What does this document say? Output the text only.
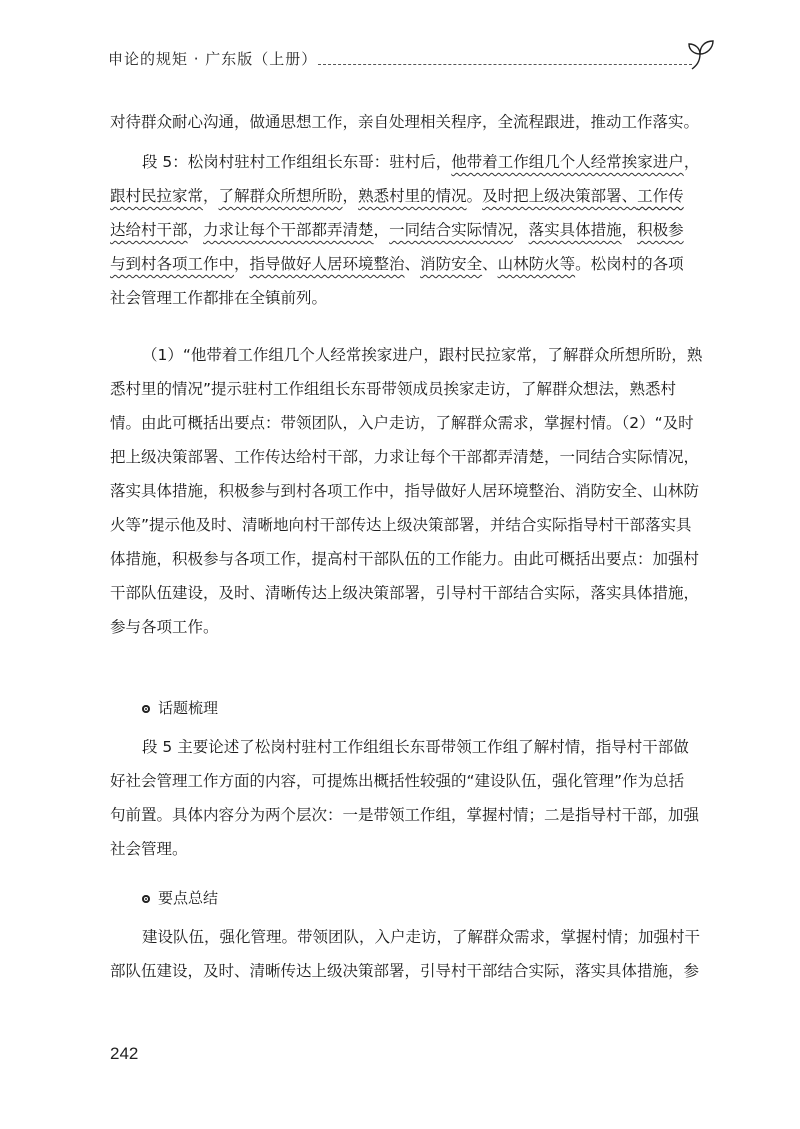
申论的规矩 · 广东版（上册）
对待群众耐心沟通，做通思想工作，亲自处理相关程序，全流程跟进，推动工作落实。
段 5：松岗村驻村工作组组长东哥：驻村后，他带着工作组几个人经常挨家进户，
跟村民拉家常，了解群众所想所盼，熟悉村里的情况。及时把上级决策部署、工作传
达给村干部，力求让每个干部都弄清楚，一同结合实际情况，落实具体措施，积极参
与到村各项工作中，指导做好人居环境整治、消防安全、山林防火等。松岗村的各项
社会管理工作都排在全镇前列。
（1）“他带着工作组几个人经常挨家进户，跟村民拉家常，了解群众所想所盼，熟
悉村里的情况”提示驻村工作组组长东哥带领成员挨家走访，了解群众想法，熟悉村
情。由此可概括出要点：带领团队，入户走访，了解群众需求，掌握村情。（2）“及时
把上级决策部署、工作传达给村干部，力求让每个干部都弄清楚，一同结合实际情况，
落实具体措施，积极参与到村各项工作中，指导做好人居环境整治、消防安全、山林防
火等”提示他及时、清晰地向村干部传达上级决策部署，并结合实际指导村干部落实具
体措施，积极参与各项工作，提高村干部队伍的工作能力。由此可概括出要点：加强村
干部队伍建设，及时、清晰传达上级决策部署，引导村干部结合实际，落实具体措施，
参与各项工作。
话题梳理
段 5 主要论述了松岗村驻村工作组组长东哥带领工作组了解村情，指导村干部做
好社会管理工作方面的内容，可提炼出概括性较强的“建设队伍，强化管理”作为总括
句前置。具体内容分为两个层次：一是带领工作组，掌握村情；二是指导村干部，加强
社会管理。
要点总结
建设队伍，强化管理。带领团队，入户走访，了解群众需求，掌握村情；加强村干
部队伍建设，及时、清晰传达上级决策部署，引导村干部结合实际，落实具体措施，参
242
